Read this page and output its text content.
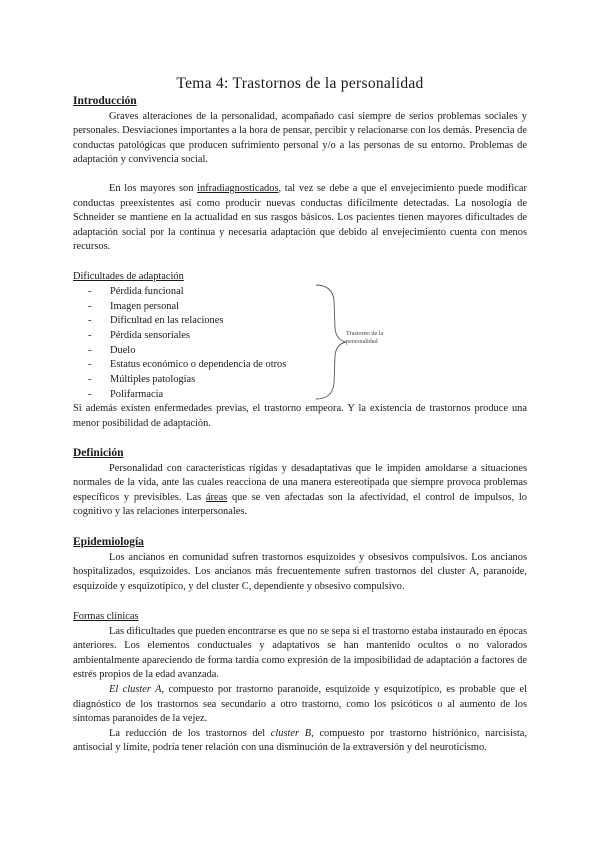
Tema 4: Trastornos de la personalidad
Introducción

Graves alteraciones de la personalidad, acompañado casi siempre de serios problemas sociales y personales. Desviaciones importantes a la hora de pensar, percibir y relacionarse con los demás. Presencia de conductas patológicas que producen sufrimiento personal y/o a las personas de su entorno. Problemas de adaptación y convivencia social.

En los mayores son infradiagnosticados, tal vez se debe a que el envejecimiento puede modificar conductas preexistentes así como producir nuevas conductas difícilmente detectadas. La nosología de Schneider se mantiene en la actualidad en sus rasgos básicos. Los pacientes tienen mayores dificultades de adaptación social por la continua y necesaria adaptación que debido al envejecimiento cuenta con menos recursos.

Dificultades de adaptación
- Pérdida funcional
- Imagen personal
- Dificultad en las relaciones
- Pérdida sensoriales
- Duelo
- Estatus económico o dependencia de otros
- Múltiples patologías
- Polifarmacia
Trastorno de la personalidad

Si además existen enfermedades previas, el trastorno empeora. Y la existencia de trastornos produce una menor posibilidad de adaptación.

Definición

Personalidad con características rígidas y desadaptativas que le impiden amoldarse a situaciones normales de la vida, ante las cuales reacciona de una manera estereotipada que siempre provoca problemas específicos y previsibles. Las áreas que se ven afectadas son la afectividad, el control de impulsos, lo cognitivo y las relaciones interpersonales.

Epidemiología

Los ancianos en comunidad sufren trastornos esquizoides y obsesivos compulsivos. Los ancianos hospitalizados, esquizoides. Los ancianos más frecuentemente sufren trastornos del cluster A, paranoide, esquizoide y esquizotípico, y del cluster C, dependiente y obsesivo compulsivo.

Formas clínicas

Las dificultades que pueden encontrarse es que no se sepa si el trastorno estaba instaurado en épocas anteriores. Los elementos conductuales y adaptativos se han mantenido ocultos o no valorados ambientalmente apareciendo de forma tardía como expresión de la imposibilidad de adaptación a factores de estrés propios de la edad avanzada.

El cluster A, compuesto por trastorno paranoide, esquizoide y esquizotípico, es probable que el diagnóstico de los trastornos sea secundario a otro trastorno, como los psicóticos o al aumento de los síntomas paranoides de la vejez.

La reducción de los trastornos del cluster B, compuesto por trastorno histriónico, narcisista, antisocial y límite, podría tener relación con una disminución de la extraversión y del neuroticismo.
